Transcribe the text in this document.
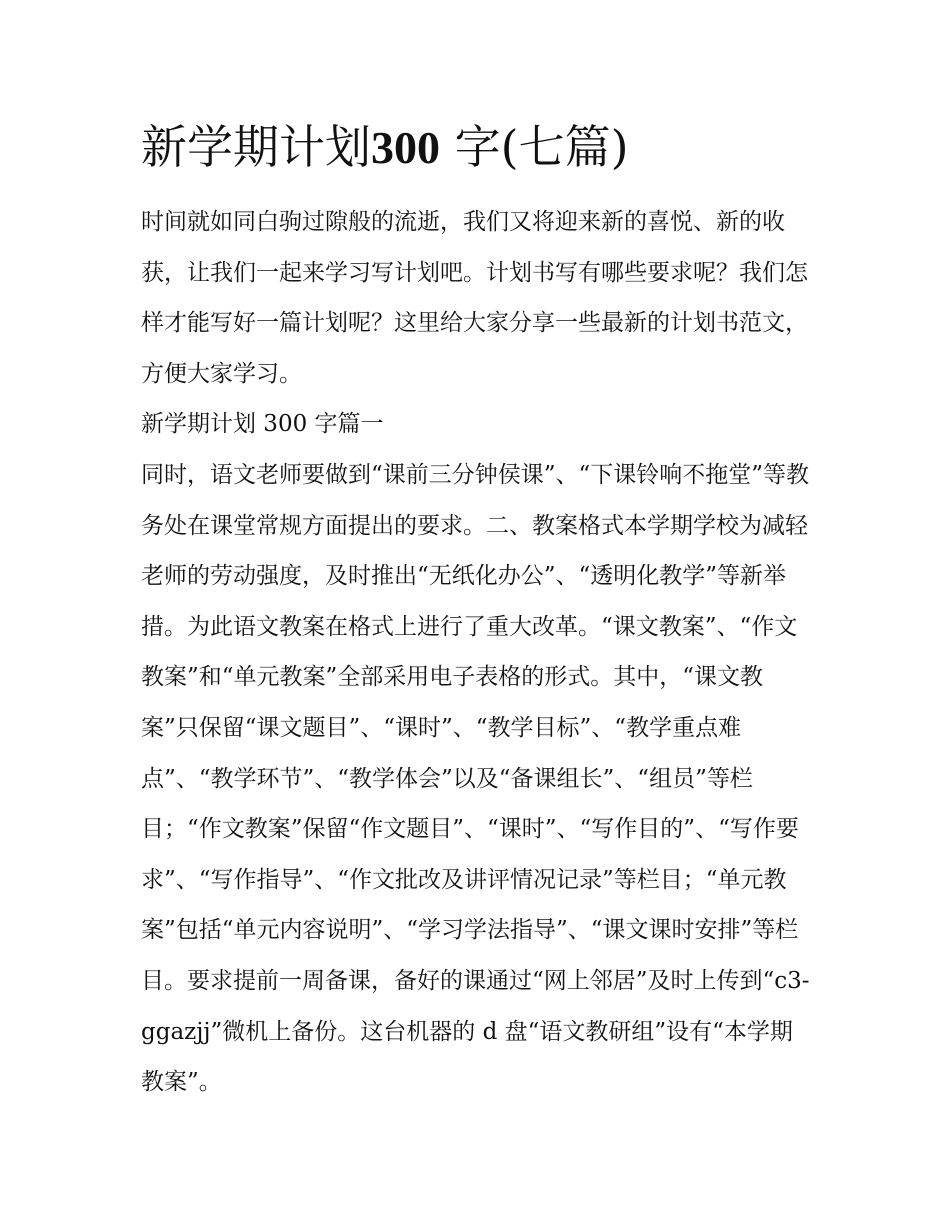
新学期计划300 字(七篇)

时间就如同白驹过隙般的流逝，我们又将迎来新的喜悦、新的收获，让我们一起来学习写计划吧。计划书写有哪些要求呢？我们怎样才能写好一篇计划呢？这里给大家分享一些最新的计划书范文，方便大家学习。

新学期计划 300 字篇一

同时，语文老师要做到“课前三分钟侯课”、“下课铃响不拖堂”等教务处在课堂常规方面提出的要求。二、教案格式本学期学校为减轻老师的劳动强度，及时推出“无纸化办公”、“透明化教学”等新举措。为此语文教案在格式上进行了重大改革。“课文教案”、“作文教案”和“单元教案”全部采用电子表格的形式。其中，“课文教案”只保留“课文题目”、“课时”、“教学目标”、“教学重点难点”、“教学环节”、“教学体会”以及“备课组长”、“组员”等栏目；“作文教案”保留“作文题目”、“课时”、“写作目的”、“写作要求”、“写作指导”、“作文批改及讲评情况记录”等栏目；“单元教案”包括“单元内容说明”、“学习学法指导”、“课文课时安排”等栏目。要求提前一周备课，备好的课通过“网上邻居”及时上传到“c3-ggazjj”微机上备份。这台机器的 d 盘“语文教研组”设有“本学期教案”。
